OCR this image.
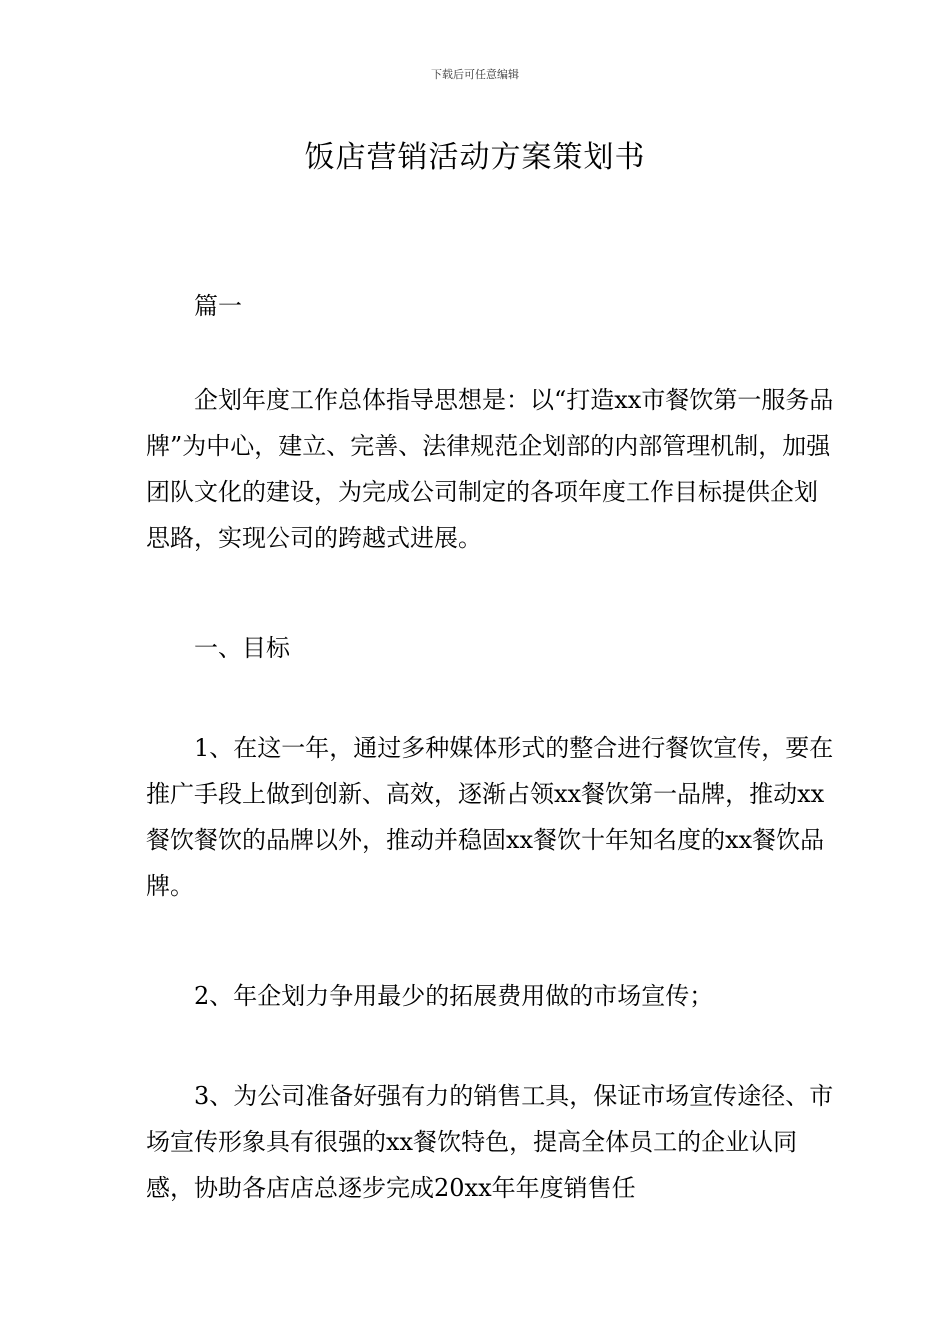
下载后可任意编辑
饭店营销活动方案策划书

篇一

企划年度工作总体指导思想是：以“打造xx市餐饮第一服务品牌”为中心，建立、完善、法律规范企划部的内部管理机制，加强团队文化的建设，为完成公司制定的各项年度工作目标提供企划思路，实现公司的跨越式进展。

一、目标

1、在这一年，通过多种媒体形式的整合进行餐饮宣传，要在推广手段上做到创新、高效，逐渐占领xx餐饮第一品牌，推动xx餐饮餐饮的品牌以外，推动并稳固xx餐饮十年知名度的xx餐饮品牌。

2、年企划力争用最少的拓展费用做的市场宣传；

3、为公司准备好强有力的销售工具，保证市场宣传途径、市场宣传形象具有很强的xx餐饮特色，提高全体员工的企业认同感，协助各店店总逐步完成20xx年年度销售任
